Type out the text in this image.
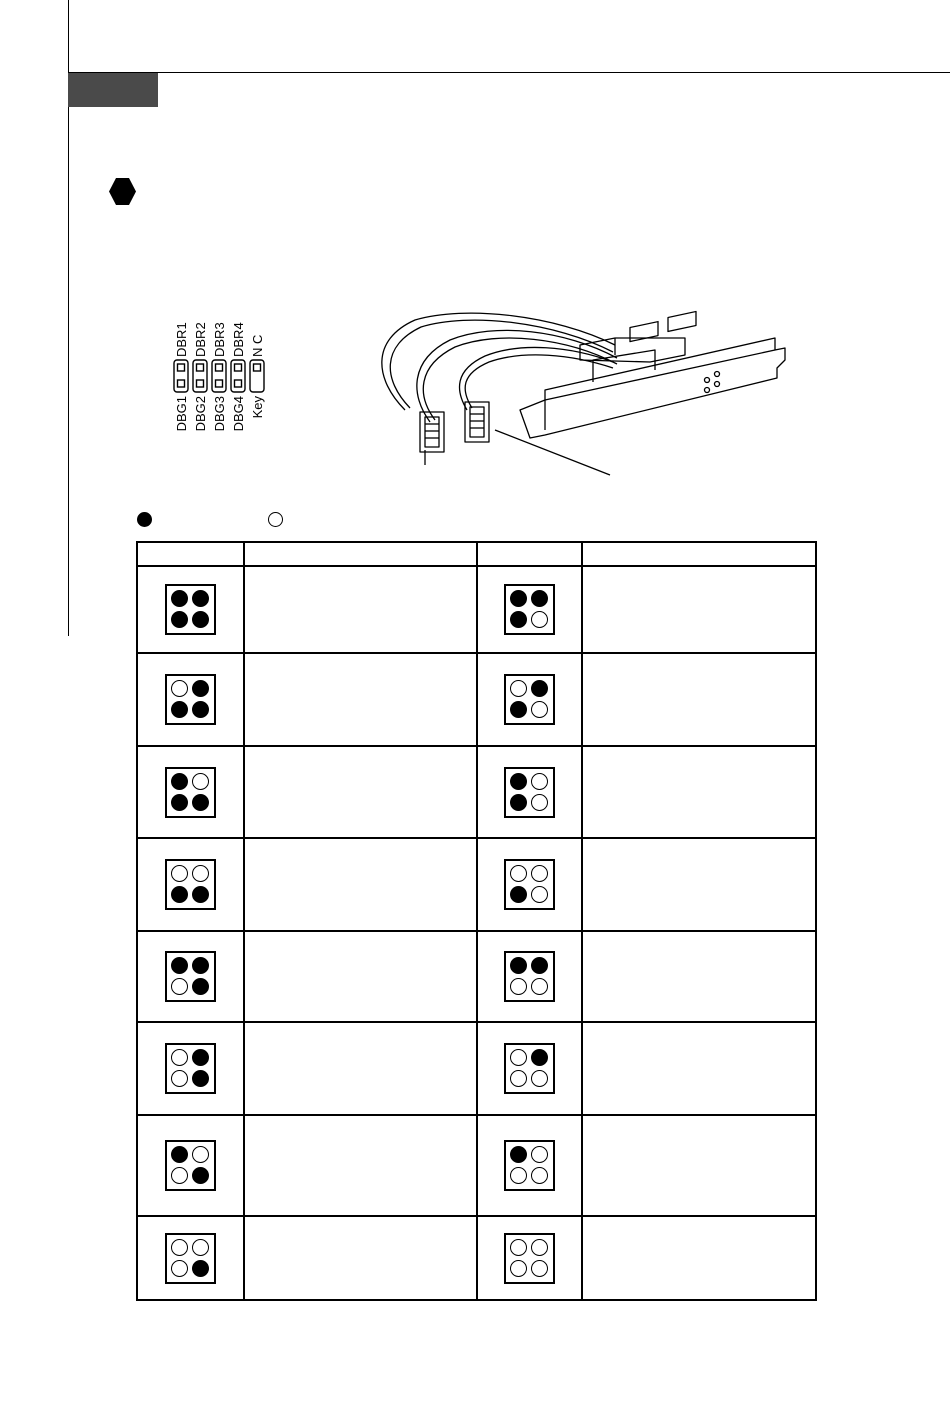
DBR1 DBR2 DBR3 DBR4 N C
DBG1 DBG2 DBG3 DBG4 Key
